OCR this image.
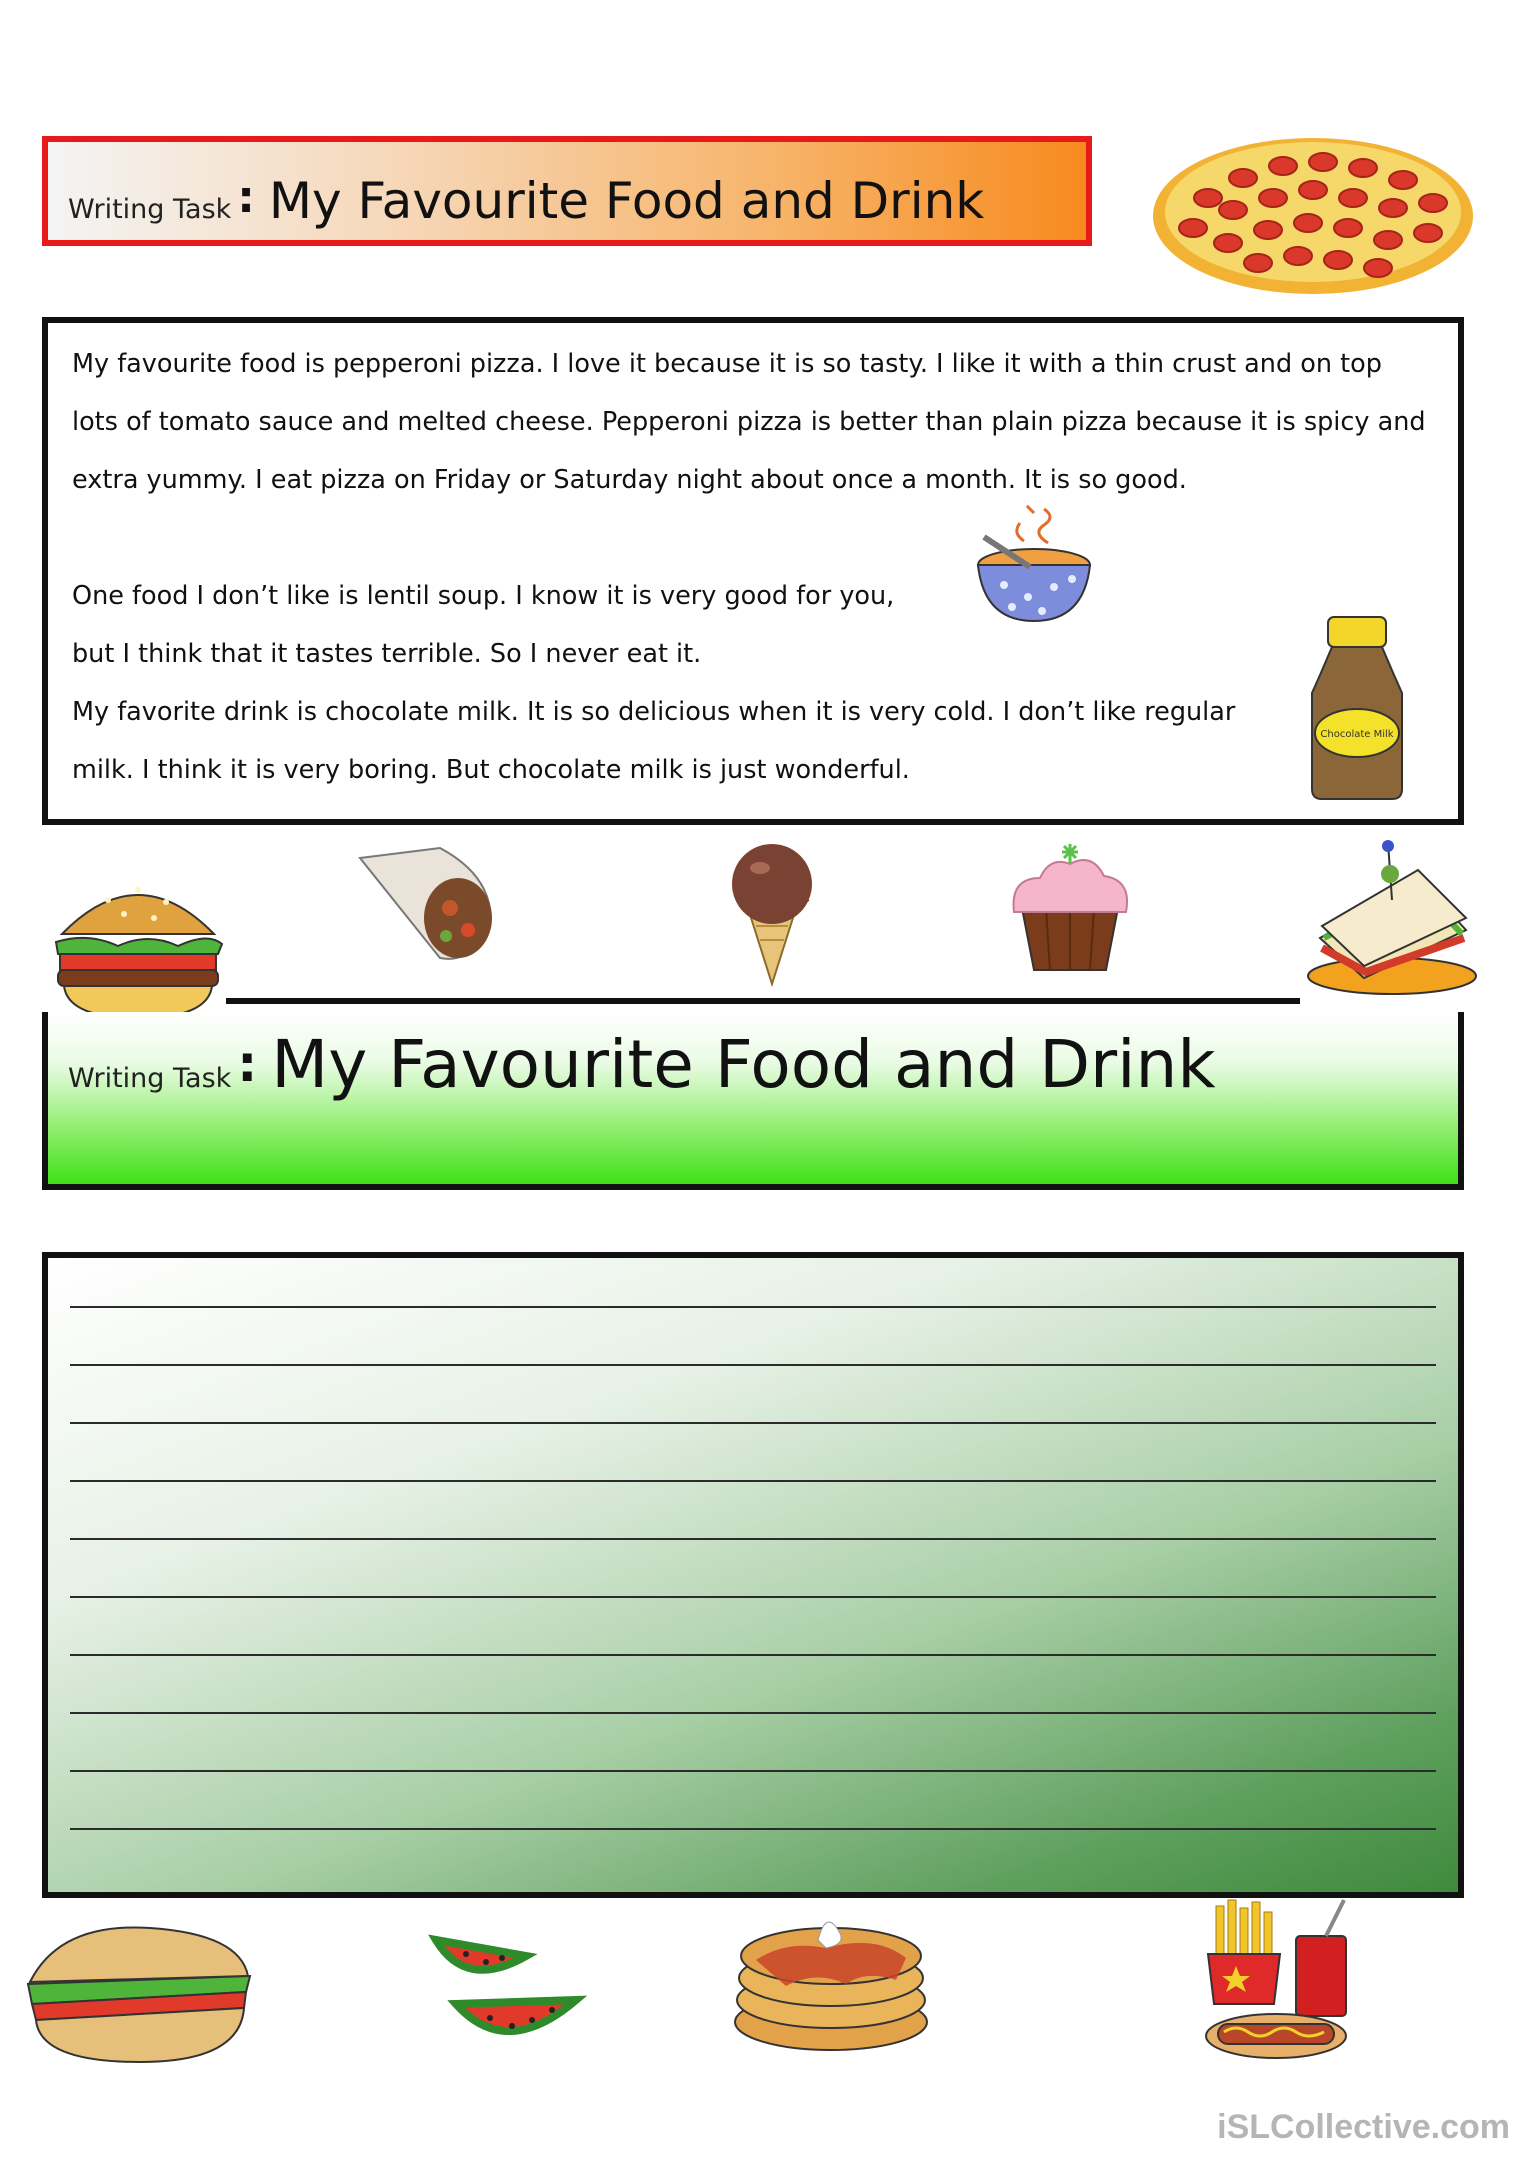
Writing Task : My Favourite Food and Drink
My favourite food is pepperoni pizza. I love it because it is so tasty. I like it with a thin crust and on top
lots of tomato sauce and melted cheese. Pepperoni pizza is better than plain pizza because it is spicy and
extra yummy. I eat pizza on Friday or Saturday night about once a month. It is so good.
One food I don’t like is lentil soup. I know it is very good for you,
but I think that it tastes terrible. So I never eat it.
My favorite drink is chocolate milk. It is so delicious when it is very cold. I don’t like regular
milk. I think it is very boring. But chocolate milk is just wonderful.
Chocolate Milk
Writing Task : My Favourite Food and Drink
iSLCollective.com
